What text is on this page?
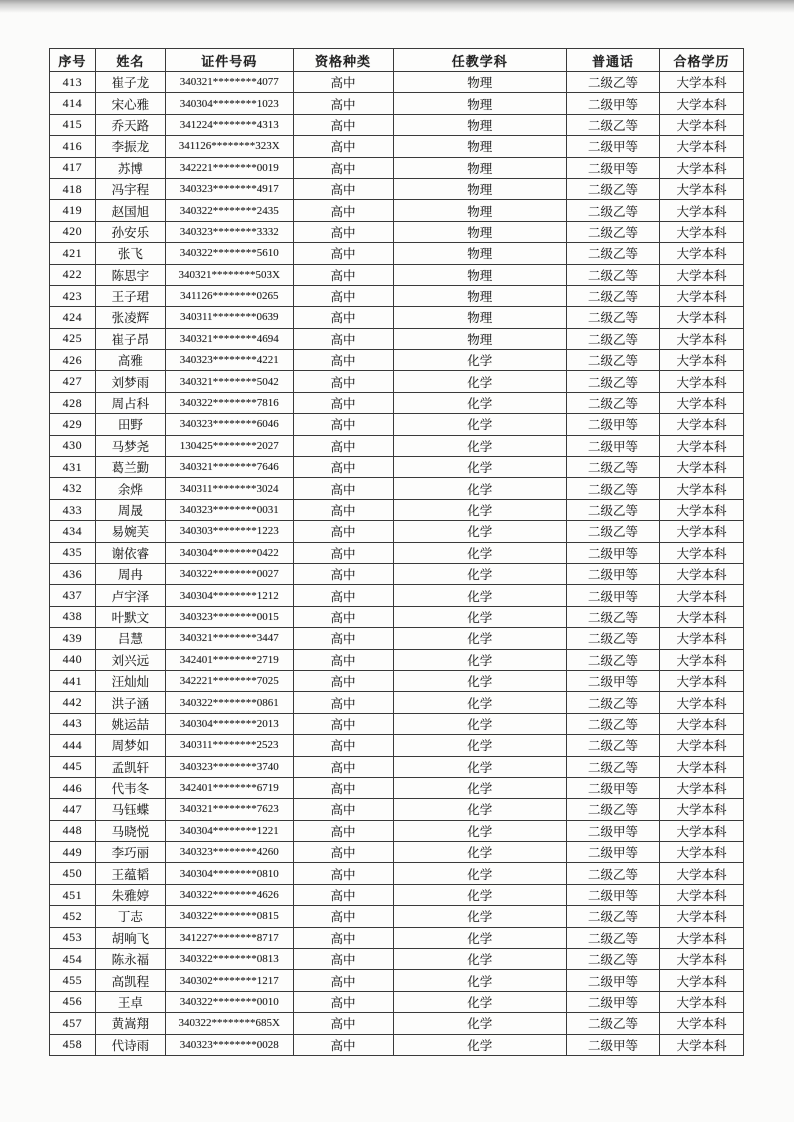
序号	姓名	证件号码	资格种类	任教学科	普通话	合格学历
413	崔子龙	340321********4077	高中	物理	二级乙等	大学本科
414	宋心雅	340304********1023	高中	物理	二级甲等	大学本科
415	乔天路	341224********4313	高中	物理	二级乙等	大学本科
416	李振龙	341126********323X	高中	物理	二级甲等	大学本科
417	苏博	342221********0019	高中	物理	二级甲等	大学本科
418	冯宇程	340323********4917	高中	物理	二级乙等	大学本科
419	赵国旭	340322********2435	高中	物理	二级乙等	大学本科
420	孙安乐	340323********3332	高中	物理	二级乙等	大学本科
421	张飞	340322********5610	高中	物理	二级乙等	大学本科
422	陈思宇	340321********503X	高中	物理	二级乙等	大学本科
423	王子珺	341126********0265	高中	物理	二级乙等	大学本科
424	张凌辉	340311********0639	高中	物理	二级乙等	大学本科
425	崔子昂	340321********4694	高中	物理	二级乙等	大学本科
426	高雅	340323********4221	高中	化学	二级乙等	大学本科
427	刘梦雨	340321********5042	高中	化学	二级乙等	大学本科
428	周占科	340322********7816	高中	化学	二级乙等	大学本科
429	田野	340323********6046	高中	化学	二级甲等	大学本科
430	马梦尧	130425********2027	高中	化学	二级甲等	大学本科
431	葛兰勤	340321********7646	高中	化学	二级乙等	大学本科
432	余烨	340311********3024	高中	化学	二级乙等	大学本科
433	周晟	340323********0031	高中	化学	二级乙等	大学本科
434	易婉芙	340303********1223	高中	化学	二级乙等	大学本科
435	谢依睿	340304********0422	高中	化学	二级甲等	大学本科
436	周冉	340322********0027	高中	化学	二级甲等	大学本科
437	卢宇泽	340304********1212	高中	化学	二级甲等	大学本科
438	叶默文	340323********0015	高中	化学	二级乙等	大学本科
439	吕慧	340321********3447	高中	化学	二级乙等	大学本科
440	刘兴远	342401********2719	高中	化学	二级乙等	大学本科
441	汪灿灿	342221********7025	高中	化学	二级甲等	大学本科
442	洪子涵	340322********0861	高中	化学	二级乙等	大学本科
443	姚运喆	340304********2013	高中	化学	二级乙等	大学本科
444	周梦如	340311********2523	高中	化学	二级乙等	大学本科
445	孟凯轩	340323********3740	高中	化学	二级乙等	大学本科
446	代韦冬	342401********6719	高中	化学	二级甲等	大学本科
447	马钰蝶	340321********7623	高中	化学	二级乙等	大学本科
448	马晓悦	340304********1221	高中	化学	二级甲等	大学本科
449	李巧丽	340323********4260	高中	化学	二级甲等	大学本科
450	王蕴韬	340304********0810	高中	化学	二级乙等	大学本科
451	朱雅婷	340322********4626	高中	化学	二级甲等	大学本科
452	丁志	340322********0815	高中	化学	二级乙等	大学本科
453	胡响飞	341227********8717	高中	化学	二级乙等	大学本科
454	陈永福	340322********0813	高中	化学	二级乙等	大学本科
455	高凯程	340302********1217	高中	化学	二级甲等	大学本科
456	王卓	340322********0010	高中	化学	二级甲等	大学本科
457	黄嵩翔	340322********685X	高中	化学	二级乙等	大学本科
458	代诗雨	340323********0028	高中	化学	二级甲等	大学本科
